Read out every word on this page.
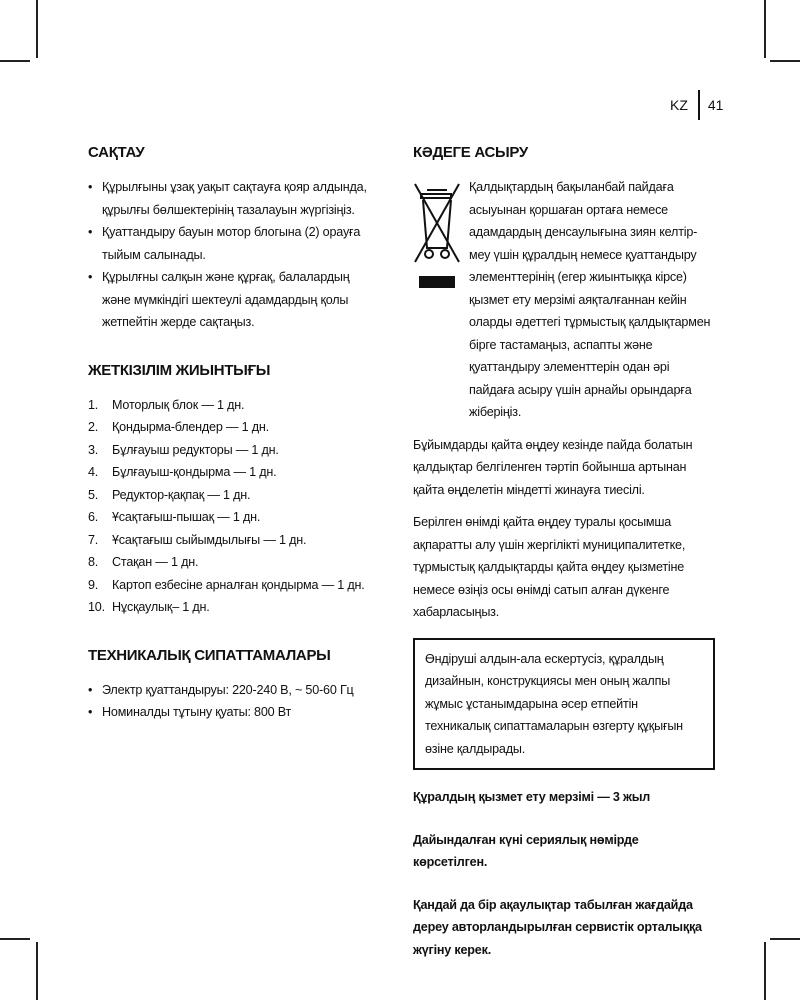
KZ 41
САҚТАУ
• Құрылғыны ұзақ уақыт сақтауға қояр алдында, құрылғы бөлшектерінің тазалауын жүргізіңіз.
• Қуаттандыру бауын мотор блогына (2) орауға тыйым салынады.
• Құрылғны салқын және құрғақ, балалардың және мүмкіндігі шектеулі адамдардың қолы жетпейтін жерде сақтаңыз.
ЖЕТКІЗІЛІМ ЖИЫНТЫҒЫ
1.	Моторлық блок — 1 дн.
2.	Қондырма-блендер — 1 дн.
3.	Бұлғауыш редукторы — 1 дн.
4.	Бұлғауыш-қондырма — 1 дн.
5.	Редуктор-қақпақ — 1 дн.
6.	Ұсақтағыш-пышақ — 1 дн.
7.	Ұсақтағыш сыйымдылығы — 1 дн.
8.	Стақан — 1 дн.
9.	Картоп езбесіне арналған қондырма — 1 дн.
10. Нұсқаулық– 1 дн.
ТЕХНИКАЛЫҚ СИПАТТАМАЛАРЫ
• Электр қуаттандыруы: 220-240 В, ~ 50-60 Гц
• Номиналды тұтыну қуаты: 800 Вт
КӘДЕГЕ АСЫРУ

Қалдықтардың бақыланбай пайдаға асыуынан қоршаған ортаға немесе адамдардың денсаулығына зиян келтір-меу үшін құралдың немесе қуаттандыру элементтерінің (егер жиынтыққа кірсе) қызмет ету мерзімі аяқталғаннан кейін оларды әдеттегі тұрмыстық қалдықтармен бірге тастамаңыз, аспапты және қуаттандыру элементтерін одан әрі пайдаға асыру үшін арнайы орындарға жіберіңіз.

Бұйымдарды қайта өңдеу кезінде пайда болатын қалдықтар белгіленген тәртіп бойынша артынан қайта өңделетін міндетті жинауға тиесілі.

Берілген өнімді қайта өңдеу туралы қосымша ақпаратты алу үшін жергілікті муниципалитетке, тұрмыстық қалдықтарды қайта өңдеу қызметіне немесе өзіңіз осы өнімді сатып алған дүкенге хабарласыңыз.

Өндіруші алдын-ала ескертусіз, құралдың дизайнын, конструкциясы мен оның жалпы жұмыс ұстанымдарына әсер етпейтін техникалық сипаттамаларын өзгерту құқығын өзіне қалдырады.
Құралдың қызмет ету мерзімі — 3 жыл
Дайындалған күні сериялық нөмірде көрсетілген.
Қандай да бір ақаулықтар табылған жағдайда дереу авторландырылған сервистік орталыққа жүгіну керек.
